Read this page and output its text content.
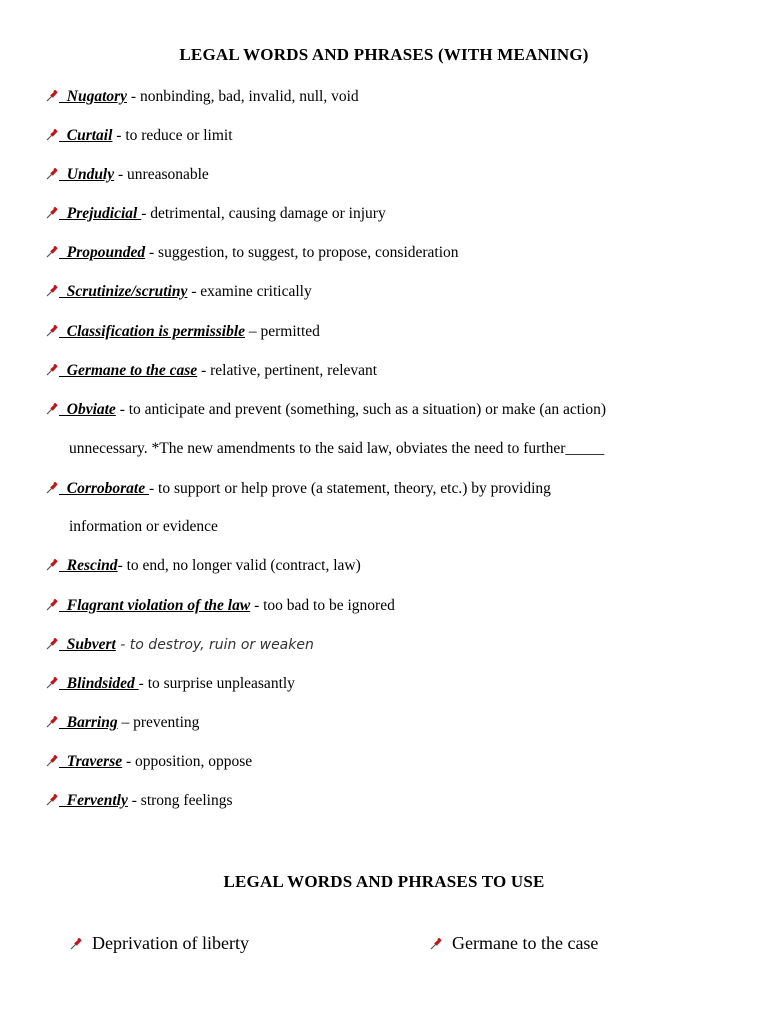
LEGAL WORDS AND PHRASES (WITH MEANING)
Nugatory - nonbinding, bad, invalid, null, void
Curtail - to reduce or limit
Unduly - unreasonable
Prejudicial - detrimental, causing damage or injury
Propounded - suggestion, to suggest, to propose, consideration
Scrutinize/scrutiny - examine critically
Classification is permissible – permitted
Germane to the case - relative, pertinent, relevant
Obviate - to anticipate and prevent (something, such as a situation) or make (an action)
unnecessary. *The new amendments to the said law, obviates the need to further_____
Corroborate - to support or help prove (a statement, theory, etc.) by providing
information or evidence
Rescind- to end, no longer valid (contract, law)
Flagrant violation of the law - too bad to be ignored
Subvert - to destroy, ruin or weaken
Blindsided - to surprise unpleasantly
Barring – preventing
Traverse - opposition, oppose
Fervently - strong feelings
LEGAL WORDS AND PHRASES TO USE
Deprivation of liberty	Germane to the case
